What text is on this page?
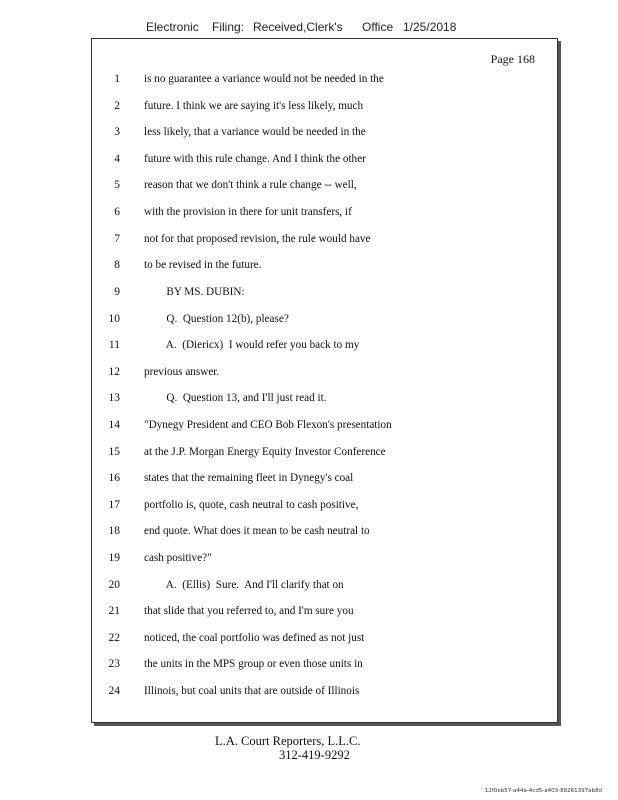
Electronic Filing: Received,Clerk's Office 1/25/2018
Page 168
1 is no guarantee a variance would not be needed in the
2 future. I think we are saying it's less likely, much
3 less likely, that a variance would be needed in the
4 future with this rule change. And I think the other
5 reason that we don't think a rule change -- well,
6 with the provision in there for unit transfers, if
7 not for that proposed revision, the rule would have
8 to be revised in the future.
9 BY MS. DUBIN:
10 Q.  Question 12(b), please?
11 A.  (Diericx)  I would refer you back to my
12 previous answer.
13 Q.  Question 13, and I'll just read it.
14 "Dynegy President and CEO Bob Flexon's presentation
15 at the J.P. Morgan Energy Equity Investor Conference
16 states that the remaining fleet in Dynegy's coal
17 portfolio is, quote, cash neutral to cash positive,
18 end quote. What does it mean to be cash neutral to
19 cash positive?"
20 A.  (Ellis)  Sure.  And I'll clarify that on
21 that slide that you referred to, and I'm sure you
22 noticed, the coal portfolio was defined as not just
23 the units in the MPS group or even those units in
24 Illinois, but coal units that are outside of Illinois
L.A. Court Reporters, L.L.C.
312-419-9292
12f0eb57-a44a-4cd5-a403-88261397ab8d
